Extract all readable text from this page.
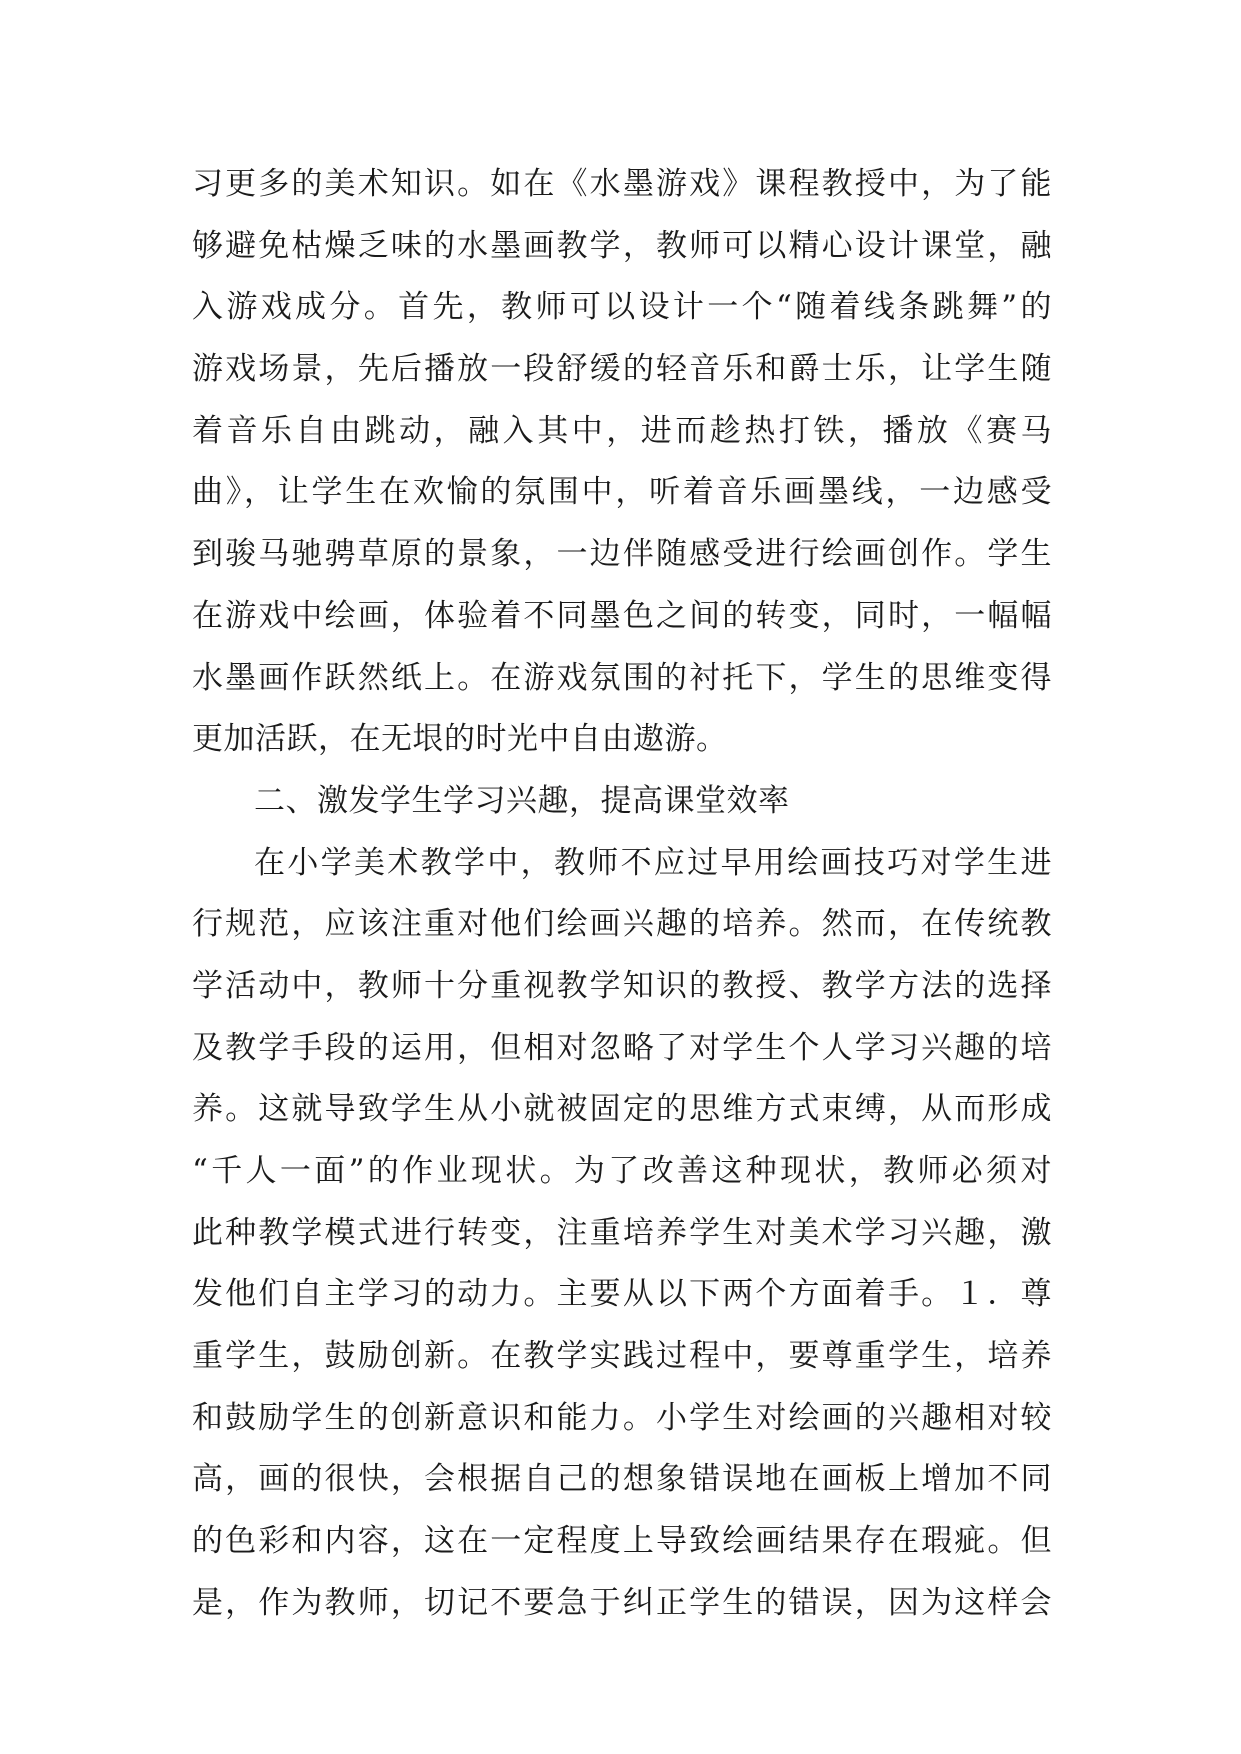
习更多的美术知识。如在《水墨游戏》课程教授中，为了能
够避免枯燥乏味的水墨画教学，教师可以精心设计课堂，融
入游戏成分。首先，教师可以设计一个“随着线条跳舞”的
游戏场景，先后播放一段舒缓的轻音乐和爵士乐，让学生随
着音乐自由跳动，融入其中，进而趁热打铁，播放《赛马
曲》，让学生在欢愉的氛围中，听着音乐画墨线，一边感受
到骏马驰骋草原的景象，一边伴随感受进行绘画创作。学生
在游戏中绘画，体验着不同墨色之间的转变，同时，一幅幅
水墨画作跃然纸上。在游戏氛围的衬托下，学生的思维变得
更加活跃，在无垠的时光中自由遨游。
二、激发学生学习兴趣，提高课堂效率
在小学美术教学中，教师不应过早用绘画技巧对学生进
行规范，应该注重对他们绘画兴趣的培养。然而，在传统教
学活动中，教师十分重视教学知识的教授、教学方法的选择
及教学手段的运用，但相对忽略了对学生个人学习兴趣的培
养。这就导致学生从小就被固定的思维方式束缚，从而形成
“千人一面”的作业现状。为了改善这种现状，教师必须对
此种教学模式进行转变，注重培养学生对美术学习兴趣，激
发他们自主学习的动力。主要从以下两个方面着手。１．尊
重学生，鼓励创新。在教学实践过程中，要尊重学生，培养
和鼓励学生的创新意识和能力。小学生对绘画的兴趣相对较
高，画的很快，会根据自己的想象错误地在画板上增加不同
的色彩和内容，这在一定程度上导致绘画结果存在瑕疵。但
是，作为教师，切记不要急于纠正学生的错误，因为这样会
